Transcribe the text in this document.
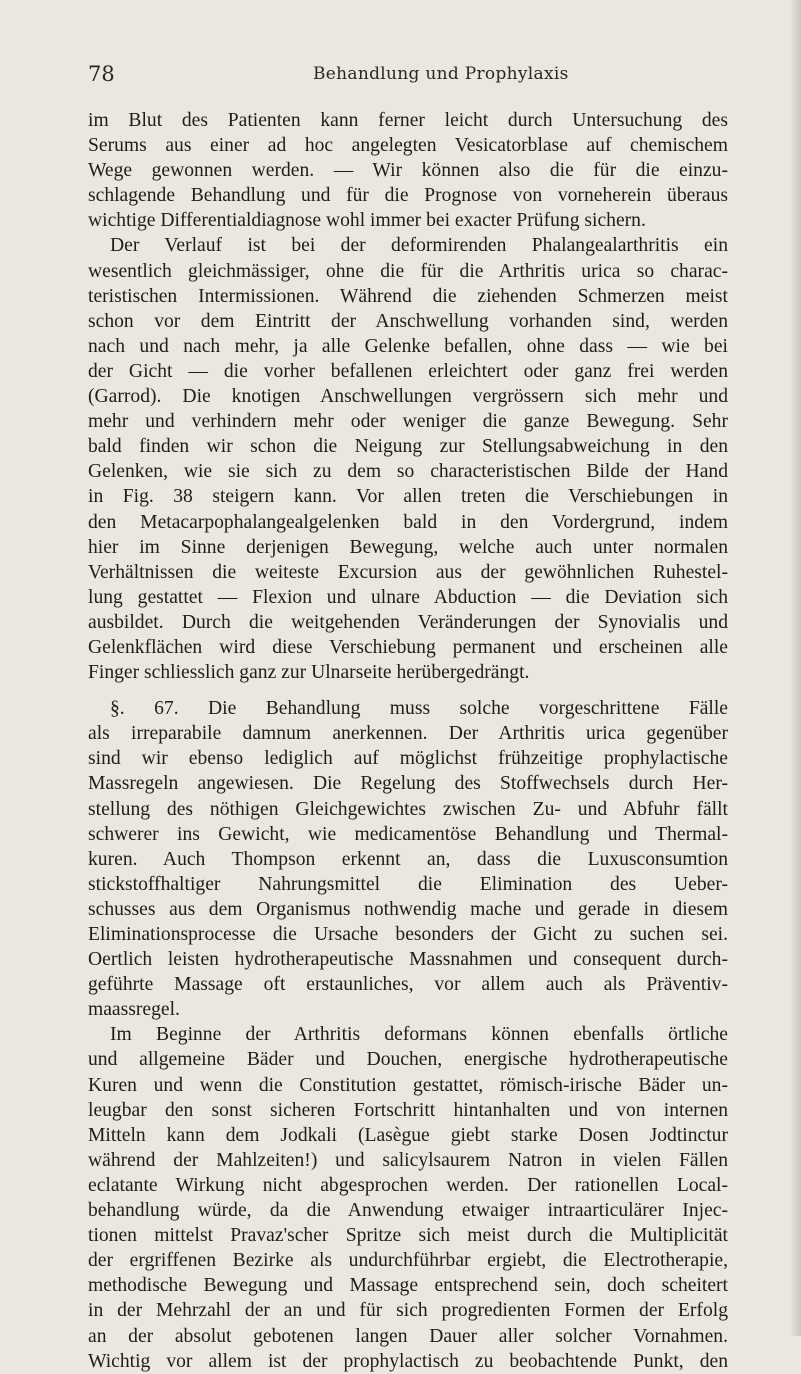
78	Behandlung und Prophylaxis
im Blut des Patienten kann ferner leicht durch Untersuchung des
Serums aus einer ad hoc angelegten Vesicatorblase auf chemischem
Wege gewonnen werden. — Wir können also die für die einzu-
schlagende Behandlung und für die Prognose von vorneherein überaus
wichtige Differentialdiagnose wohl immer bei exacter Prüfung sichern.
Der Verlauf ist bei der deformirenden Phalangealarthritis ein
wesentlich gleichmässiger, ohne die für die Arthritis urica so charac-
teristischen Intermissionen. Während die ziehenden Schmerzen meist
schon vor dem Eintritt der Anschwellung vorhanden sind, werden
nach und nach mehr, ja alle Gelenke befallen, ohne dass — wie bei
der Gicht — die vorher befallenen erleichtert oder ganz frei werden
(Garrod). Die knotigen Anschwellungen vergrössern sich mehr und
mehr und verhindern mehr oder weniger die ganze Bewegung. Sehr
bald finden wir schon die Neigung zur Stellungsabweichung in den
Gelenken, wie sie sich zu dem so characteristischen Bilde der Hand
in Fig. 38 steigern kann. Vor allen treten die Verschiebungen in
den Metacarpophalangealgelenken bald in den Vordergrund, indem
hier im Sinne derjenigen Bewegung, welche auch unter normalen
Verhältnissen die weiteste Excursion aus der gewöhnlichen Ruhestel-
lung gestattet — Flexion und ulnare Abduction — die Deviation sich
ausbildet. Durch die weitgehenden Veränderungen der Synovialis und
Gelenkflächen wird diese Verschiebung permanent und erscheinen alle
Finger schliesslich ganz zur Ulnarseite herübergedrängt.
§. 67. Die Behandlung muss solche vorgeschrittene Fälle
als irreparabile damnum anerkennen. Der Arthritis urica gegenüber
sind wir ebenso lediglich auf möglichst frühzeitige prophylactische
Massregeln angewiesen. Die Regelung des Stoffwechsels durch Her-
stellung des nöthigen Gleichgewichtes zwischen Zu- und Abfuhr fällt
schwerer ins Gewicht, wie medicamentöse Behandlung und Thermal-
kuren. Auch Thompson erkennt an, dass die Luxusconsumtion
stickstoffhaltiger Nahrungsmittel die Elimination des Ueber-
schusses aus dem Organismus nothwendig mache und gerade in diesem
Eliminationsprocesse die Ursache besonders der Gicht zu suchen sei.
Oertlich leisten hydrotherapeutische Massnahmen und consequent durch-
geführte Massage oft erstaunliches, vor allem auch als Präventiv-
maassregel.
Im Beginne der Arthritis deformans können ebenfalls örtliche
und allgemeine Bäder und Douchen, energische hydrotherapeutische
Kuren und wenn die Constitution gestattet, römisch-irische Bäder un-
leugbar den sonst sicheren Fortschritt hintanhalten und von internen
Mitteln kann dem Jodkali (Lasègue giebt starke Dosen Jodtinctur
während der Mahlzeiten!) und salicylsaurem Natron in vielen Fällen
eclatante Wirkung nicht abgesprochen werden. Der rationellen Local-
behandlung würde, da die Anwendung etwaiger intraarticulärer Injec-
tionen mittelst Pravaz'scher Spritze sich meist durch die Multiplicität
der ergriffenen Bezirke als undurchführbar ergiebt, die Electrotherapie,
methodische Bewegung und Massage entsprechend sein, doch scheitert
in der Mehrzahl der an und für sich progredienten Formen der Erfolg
an der absolut gebotenen langen Dauer aller solcher Vornahmen.
Wichtig vor allem ist der prophylactisch zu beobachtende Punkt, den
